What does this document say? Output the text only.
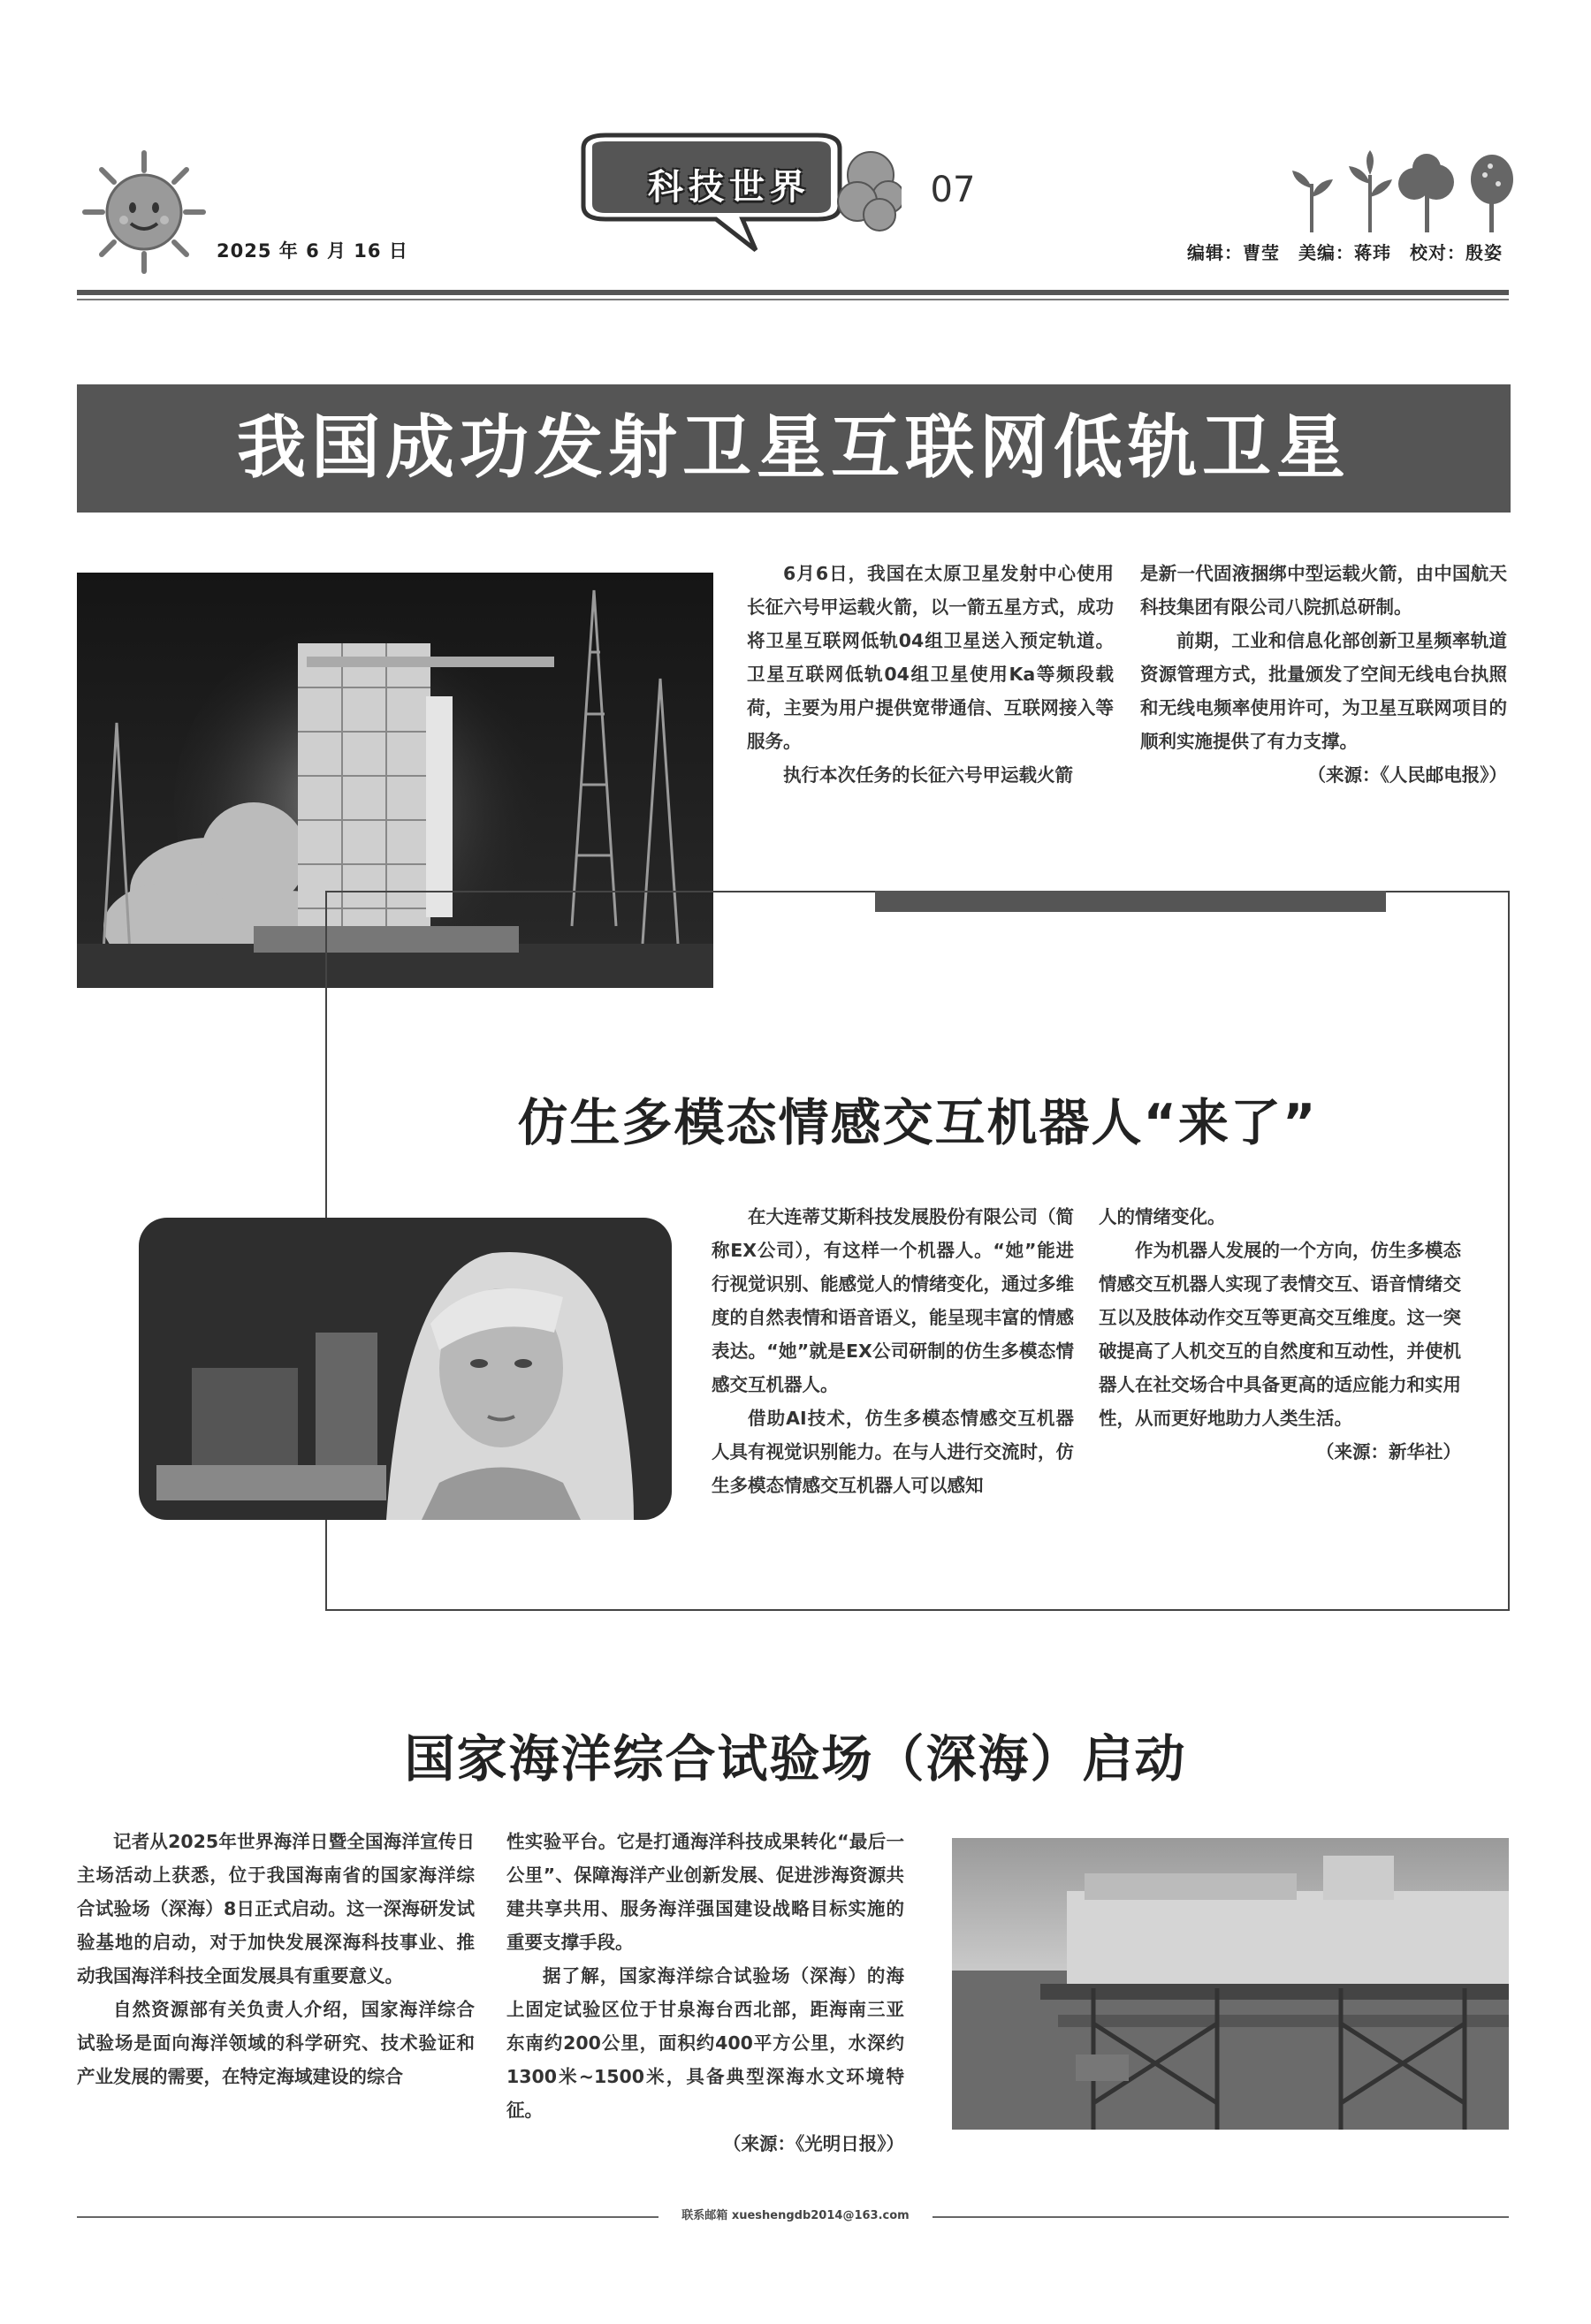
2025 年 6 月 16 日
科技世界	07
编辑：曹莹　美编：蒋玮　校对：殷姿
我国成功发射卫星互联网低轨卫星

6月6日，我国在太原卫星发射中心使用长征六号甲运载火箭，以一箭五星方式，成功将卫星互联网低轨04组卫星送入预定轨道。卫星互联网低轨04组卫星使用Ka等频段载荷，主要为用户提供宽带通信、互联网接入等服务。

执行本次任务的长征六号甲运载火箭

是新一代固液捆绑中型运载火箭，由中国航天科技集团有限公司八院抓总研制。

前期，工业和信息化部创新卫星频率轨道资源管理方式，批量颁发了空间无线电台执照和无线电频率使用许可，为卫星互联网项目的顺利实施提供了有力支撑。

（来源：《人民邮电报》）

仿生多模态情感交互机器人“来了”

在大连蒂艾斯科技发展股份有限公司（简称EX公司），有这样一个机器人。“她”能进行视觉识别、能感觉人的情绪变化，通过多维度的自然表情和语音语义，能呈现丰富的情感表达。“她”就是EX公司研制的仿生多模态情感交互机器人。

借助AI技术，仿生多模态情感交互机器人具有视觉识别能力。在与人进行交流时，仿生多模态情感交互机器人可以感知

人的情绪变化。

作为机器人发展的一个方向，仿生多模态情感交互机器人实现了表情交互、语音情绪交互以及肢体动作交互等更高交互维度。这一突破提高了人机交互的自然度和互动性，并使机器人在社交场合中具备更高的适应能力和实用性，从而更好地助力人类生活。

（来源：新华社）

国家海洋综合试验场（深海）启动

记者从2025年世界海洋日暨全国海洋宣传日主场活动上获悉，位于我国海南省的国家海洋综合试验场（深海）8日正式启动。这一深海研发试验基地的启动，对于加快发展深海科技事业、推动我国海洋科技全面发展具有重要意义。

自然资源部有关负责人介绍，国家海洋综合试验场是面向海洋领域的科学研究、技术验证和产业发展的需要，在特定海域建设的综合

性实验平台。它是打通海洋科技成果转化“最后一公里”、保障海洋产业创新发展、促进涉海资源共建共享共用、服务海洋强国建设战略目标实施的重要支撑手段。

据了解，国家海洋综合试验场（深海）的海上固定试验区位于甘泉海台西北部，距海南三亚东南约200公里，面积约400平方公里，水深约1300米~1500米，具备典型深海水文环境特征。

（来源：《光明日报》）

联系邮箱 xueshengdb2014@163.com
